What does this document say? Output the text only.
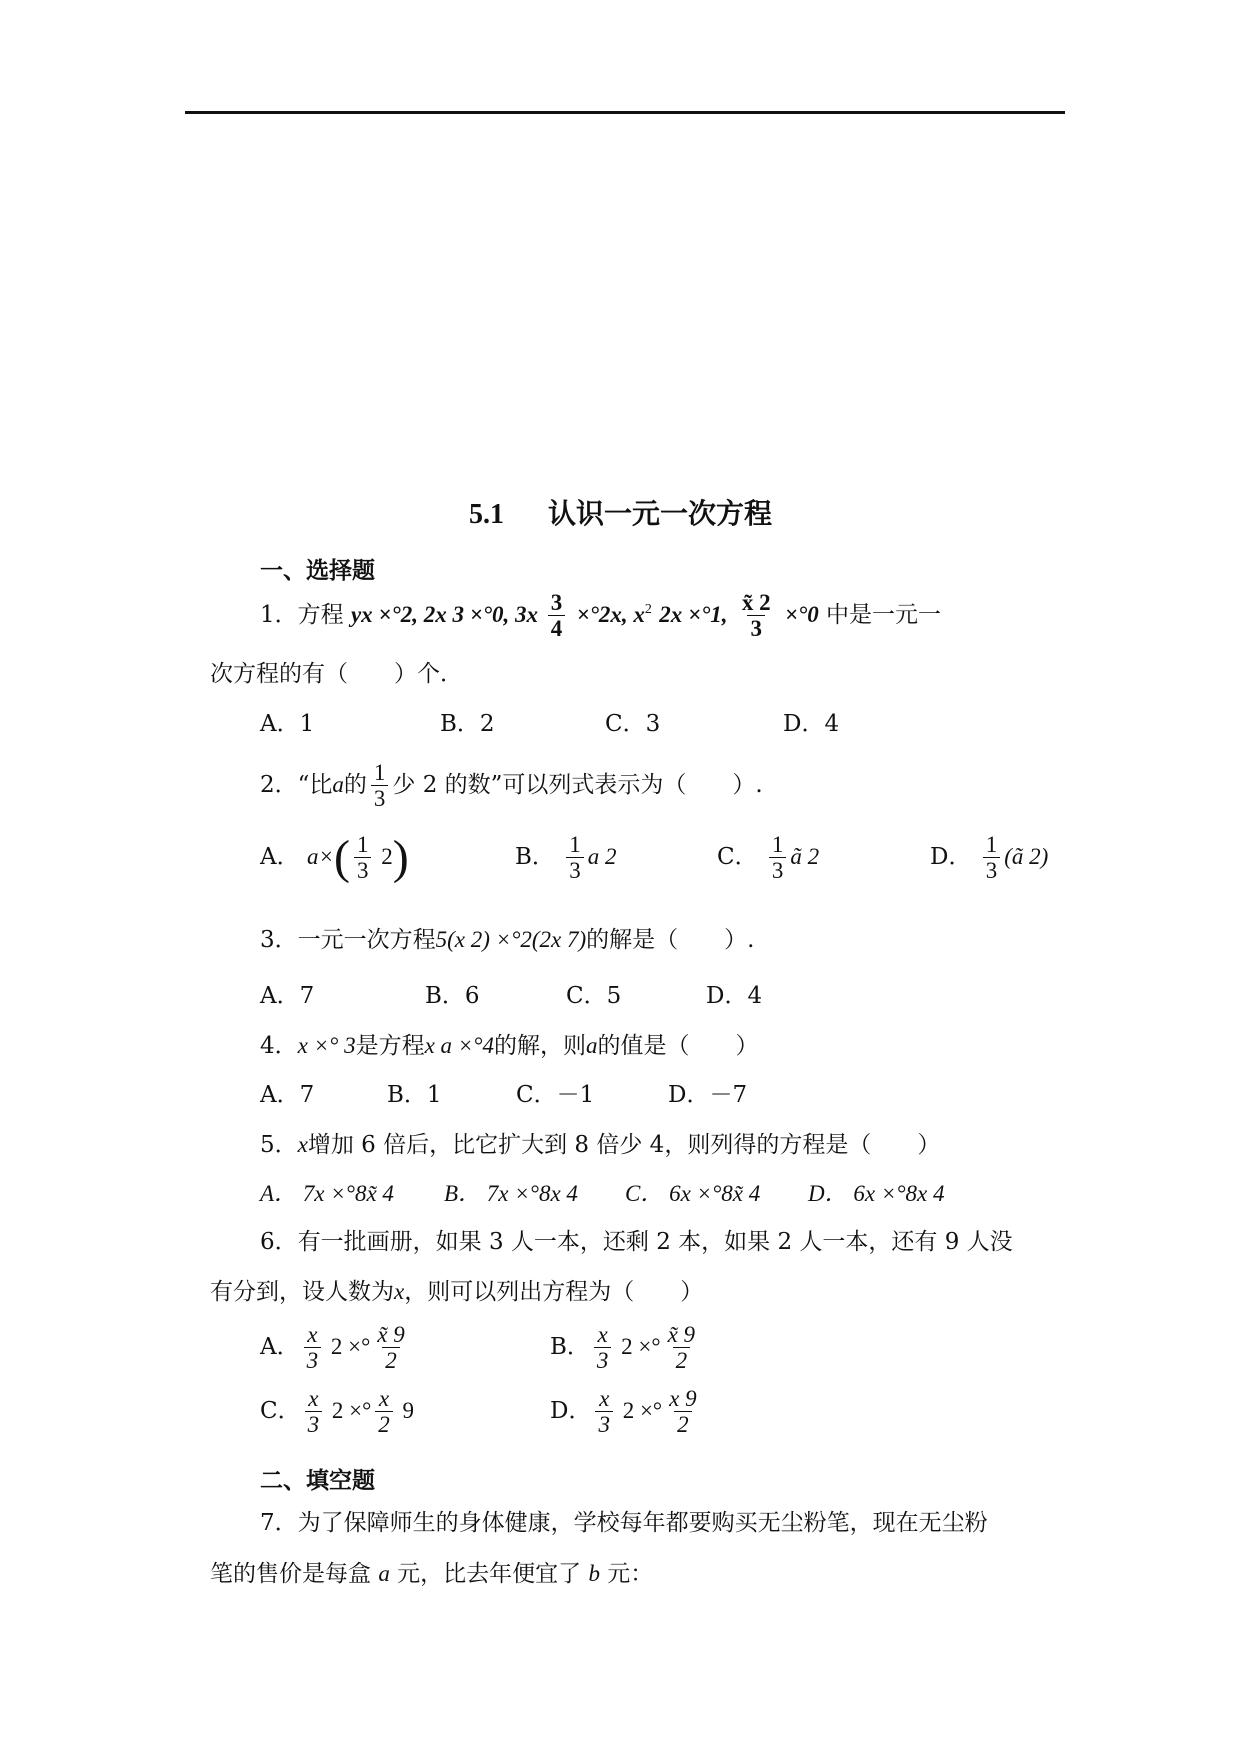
5.1 认识一元一次方程
一、选择题
1．方程 yx ×°2, 2x 3 ×°0, $3x \frac{3}{4} \times^\circ 2x$, $x^2$ 2x ×°1, $\frac{x̃ 2}{3} \times^\circ 0$ 中是一元一
次方程的有（　　）个．
A．1	B．2	C．3	D．4
2．“比a的 $\frac{1}{3}$ 少 2 的数”可以列式表示为（　　）.
A． $a\times( \frac{1}{3} 2)$	B． $\frac{1}{3}$ a 2	C． $\frac{1}{3}$ ã 2	D． $\frac{1}{3}$ (ã 2)
3．一元一次方程5(x 2) ×°2(2x 7)的解是（　　）.
A．7	B．6	C．5	D．4
4．x ×° 3是方程x a ×°4的解，则a的值是（　　）
A．7	B．1	C．－1	D．－7
5．x增加 6 倍后，比它扩大到 8 倍少 4，则列得的方程是（　　）
A． 7x ×°8x̃ 4 B． 7x ×°8x 4 C． 6x ×°8x̃ 4 D． 6x ×°8x 4
6．有一批画册，如果 3 人一本，还剩 2 本，如果 2 人一本，还有 9 人没
有分到，设人数为x，则可以列出方程为（　　）
A． $\frac{x}{3} 2$ ×° $\frac{x̃ 9}{2}$	B． $\frac{x}{3} 2$ ×° $\frac{x̃ 9}{2}$
C． $\frac{x}{3} 2$ ×° $\frac{x}{2} 9$	D． $\frac{x}{3} 2$ ×° $\frac{x 9}{2}$
二、填空题
7．为了保障师生的身体健康，学校每年都要购买无尘粉笔，现在无尘粉
笔的售价是每盒 a 元，比去年便宜了 b 元：
